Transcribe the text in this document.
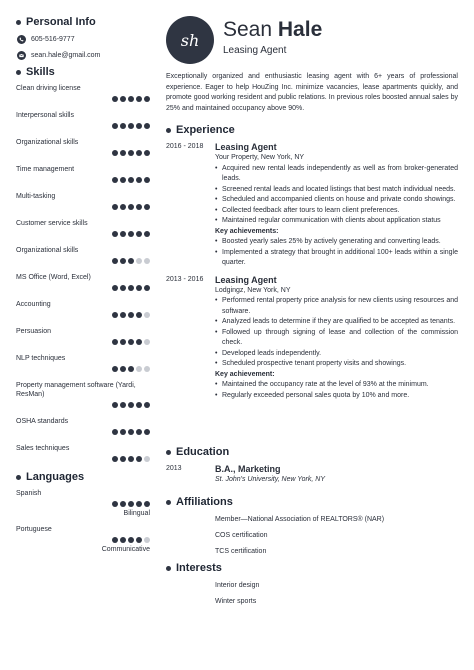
Personal Info
605-516-9777
sean.hale@gmail.com
Skills
Clean driving license
Interpersonal skills
Organizational skills
Time management
Multi-tasking
Customer service skills
Organizational skills
MS Office (Word, Excel)
Accounting
Persuasion
NLP techniques
Property management software (Yardi, ResMan)
OSHA standards
Sales techniques
Languages
Spanish
Bilingual
Portuguese
Communicative
sh	Sean Hale
Leasing Agent
Exceptionally organized and enthusiastic leasing agent with 6+ years of professional experience. Eager to help HouZing Inc. minimize vacancies, lease apartments quickly, and promote good working resident and public relations. In previous roles boosted annual sales by 25% and maintained occupancy above 90%.
Experience
2016 - 2018	Leasing Agent
Your Property, New York, NY
• Acquired new rental leads independently as well as from broker-generated leads.
• Screened rental leads and located listings that best match individual needs.
• Scheduled and accompanied clients on house and private condo showings.
• Collected feedback after tours to learn client preferences.
• Maintained regular communication with clients about application status
Key achievements:
• Boosted yearly sales 25% by actively generating and converting leads.
• Implemented a strategy that brought in additional 100+ leads within a single quarter.
2013 - 2016	Leasing Agent
Lodgingz, New York, NY
• Performed rental property price analysis for new clients using resources and software.
• Analyzed leads to determine if they are qualified to be accepted as tenants.
• Followed up through signing of lease and collection of the commission check.
• Developed leads independently.
• Scheduled prospective tenant property visits and showings.
Key achievement:
• Maintained the occupancy rate at the level of 93% at the minimum.
• Regularly exceeded personal sales quota by 10% and more.
Education
2013	B.A., Marketing
St. John's University, New York, NY
Affiliations
Member—National Association of REALTORS® (NAR)
COS certification
TCS certification
Interests
Interior design
Winter sports
